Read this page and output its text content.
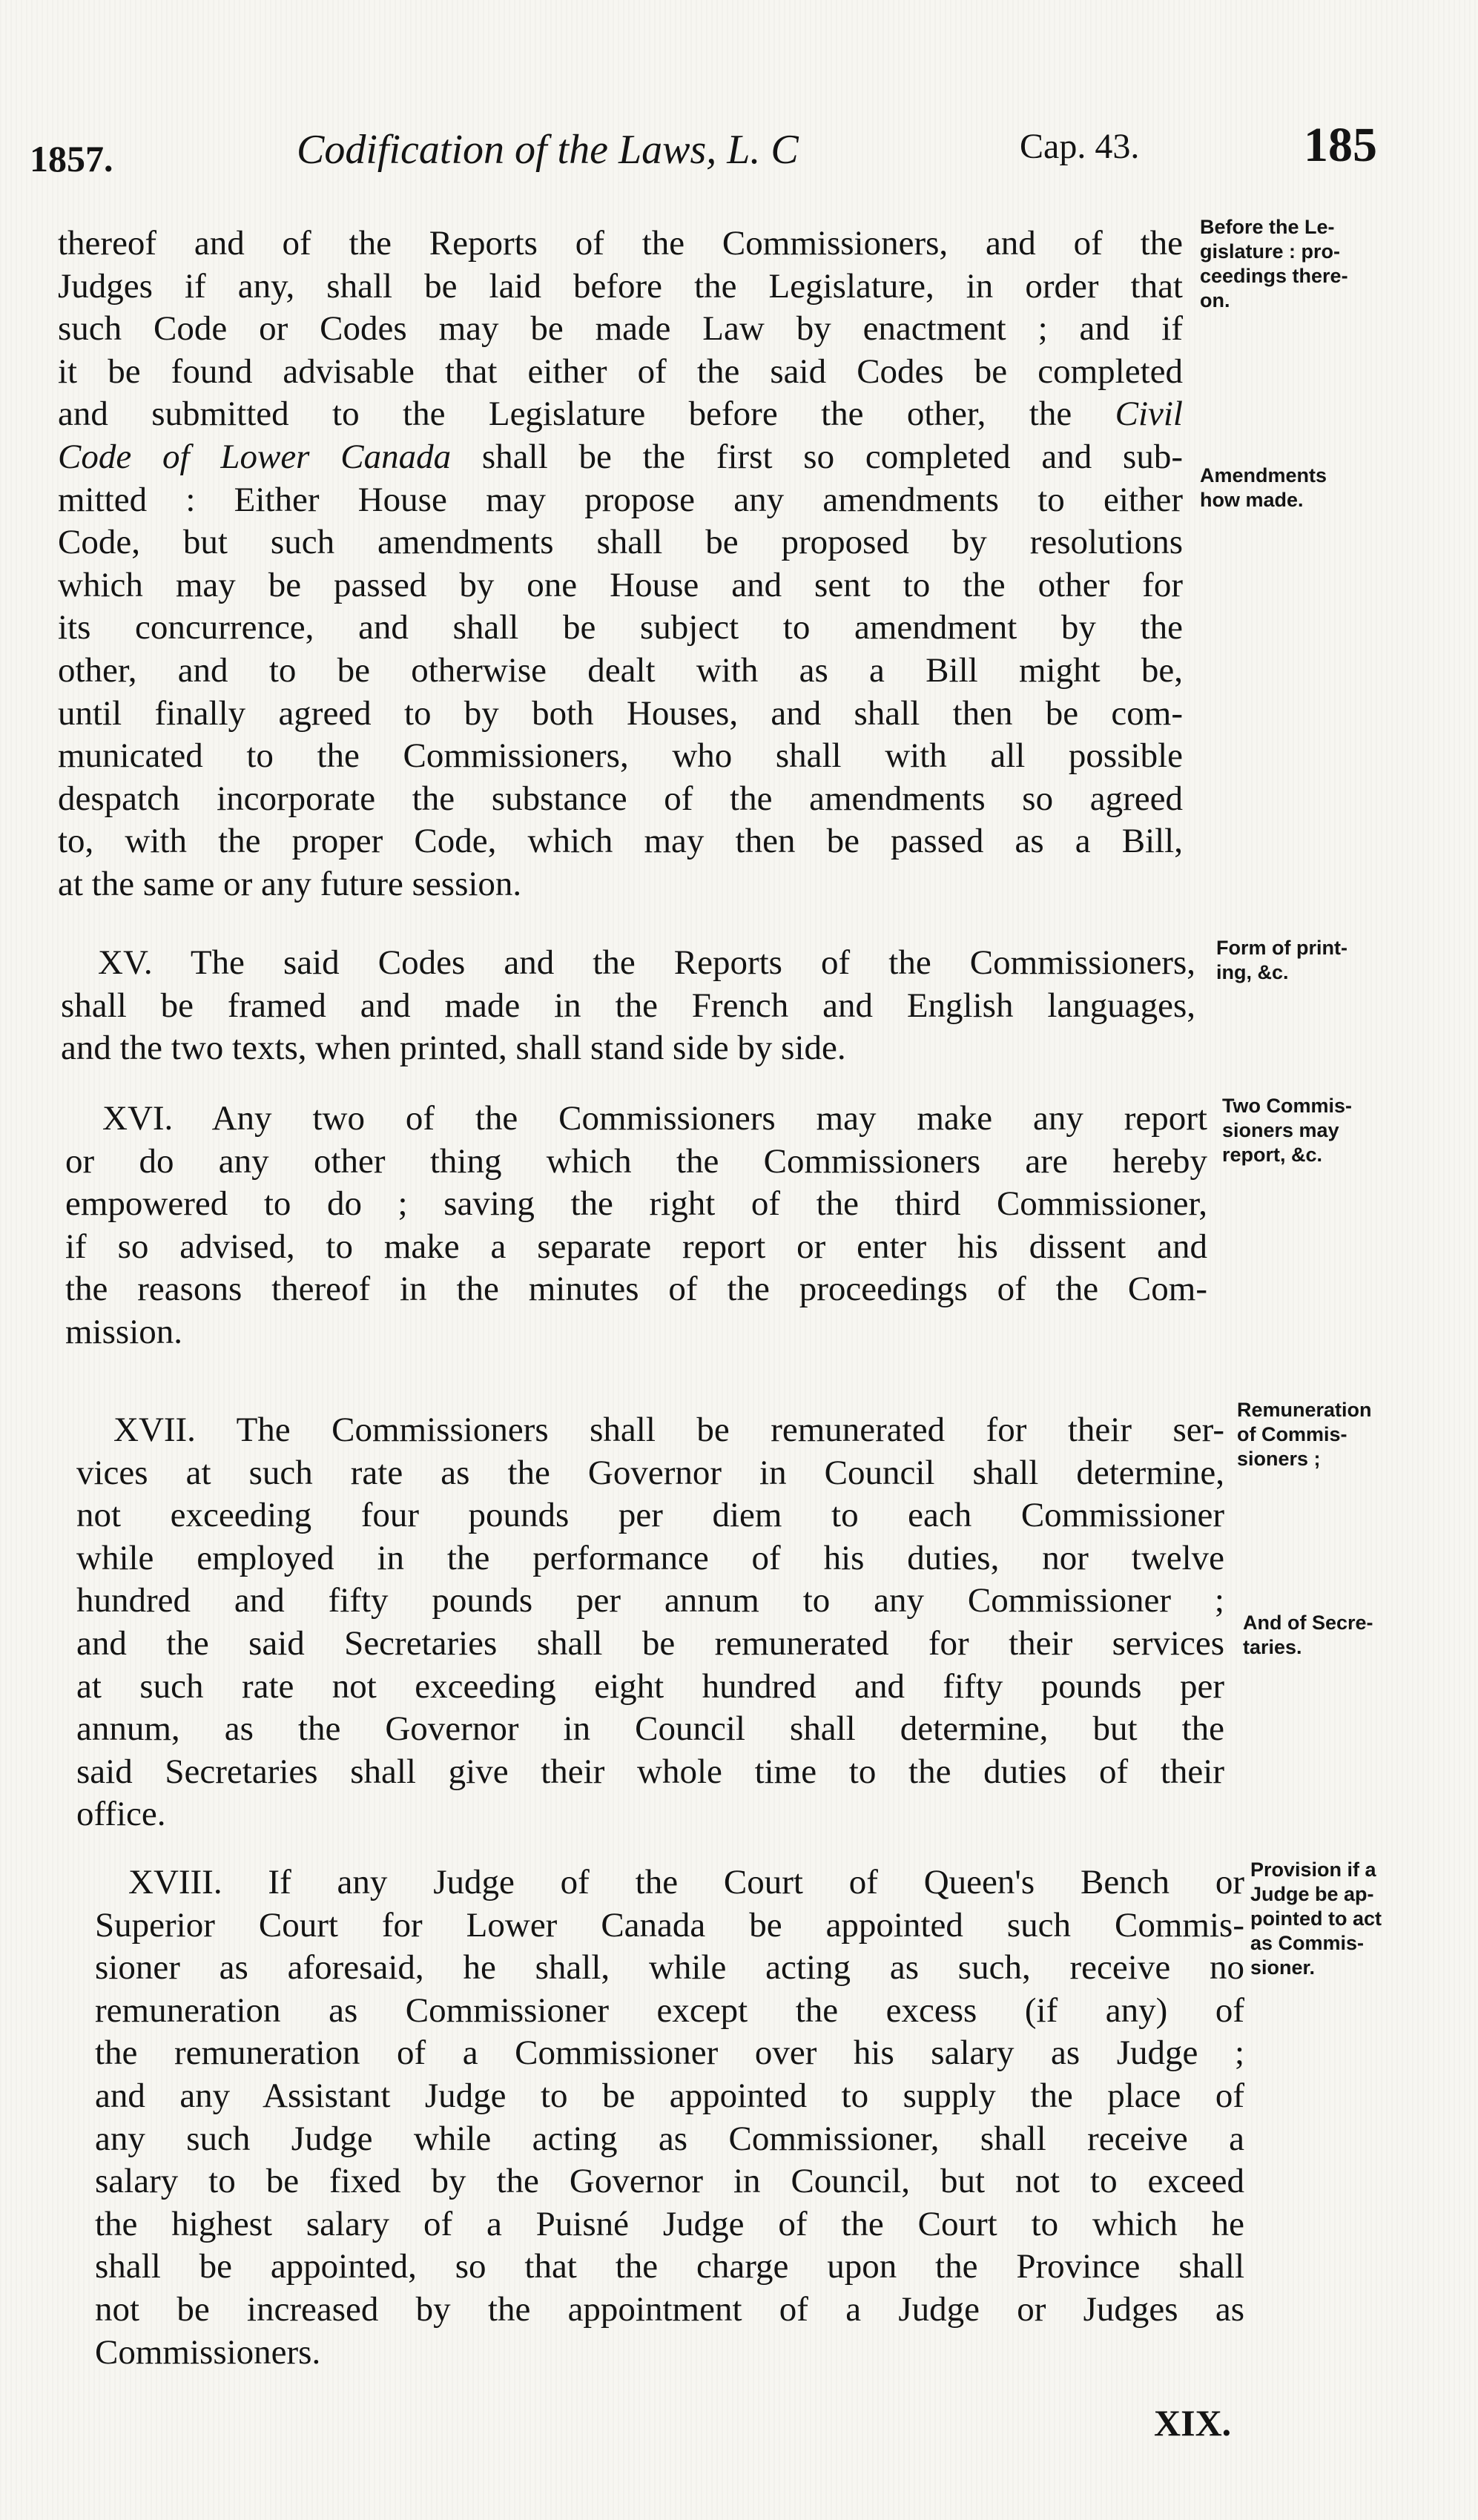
1857.	Codification of the Laws, L. C	Cap. 43.	185
thereof and of the Reports of the Commissioners, and of the
Judges if any, shall be laid before the Legislature, in order that
such Code or Codes may be made Law by enactment ; and if
it be found advisable that either of the said Codes be completed
and submitted to the Legislature before the other, the Civil
Code of Lower Canada shall be the first so completed and sub-
mitted : Either House may propose any amendments to either
Code, but such amendments shall be proposed by resolutions
which may be passed by one House and sent to the other for
its concurrence, and shall be subject to amendment by the
other, and to be otherwise dealt with as a Bill might be,
until finally agreed to by both Houses, and shall then be com-
municated to the Commissioners, who shall with all possible
despatch incorporate the substance of the amendments so agreed
to, with the proper Code, which may then be passed as a Bill,
at the same or any future session.
XV. The said Codes and the Reports of the Commissioners,
shall be framed and made in the French and English languages,
and the two texts, when printed, shall stand side by side.
XVI. Any two of the Commissioners may make any report
or do any other thing which the Commissioners are hereby
empowered to do ; saving the right of the third Commissioner,
if so advised, to make a separate report or enter his dissent and
the reasons thereof in the minutes of the proceedings of the Com-
mission.
XVII. The Commissioners shall be remunerated for their ser-
vices at such rate as the Governor in Council shall determine,
not exceeding four pounds per diem to each Commissioner
while employed in the performance of his duties, nor twelve
hundred and fifty pounds per annum to any Commissioner ;
and the said Secretaries shall be remunerated for their services
at such rate not exceeding eight hundred and fifty pounds per
annum, as the Governor in Council shall determine, but the
said Secretaries shall give their whole time to the duties of their
office.
XVIII. If any Judge of the Court of Queen's Bench or
Superior Court for Lower Canada be appointed such Commis-
sioner as aforesaid, he shall, while acting as such, receive no
remuneration as Commissioner except the excess (if any) of
the remuneration of a Commissioner over his salary as Judge ;
and any Assistant Judge to be appointed to supply the place of
any such Judge while acting as Commissioner, shall receive a
salary to be fixed by the Governor in Council, but not to exceed
the highest salary of a Puisné Judge of the Court to which he
shall be appointed, so that the charge upon the Province shall
not be increased by the appointment of a Judge or Judges as
Commissioners.
Before the Le-
gislature : pro-
ceedings there-
on.
Amendments
how made.
Form of print-
ing, &c.
Two Commis-
sioners may
report, &c.
Remuneration
of Commis-
sioners ;
And of Secre-
taries.
Provision if a
Judge be ap-
pointed to act
as Commis-
sioner.
XIX.
